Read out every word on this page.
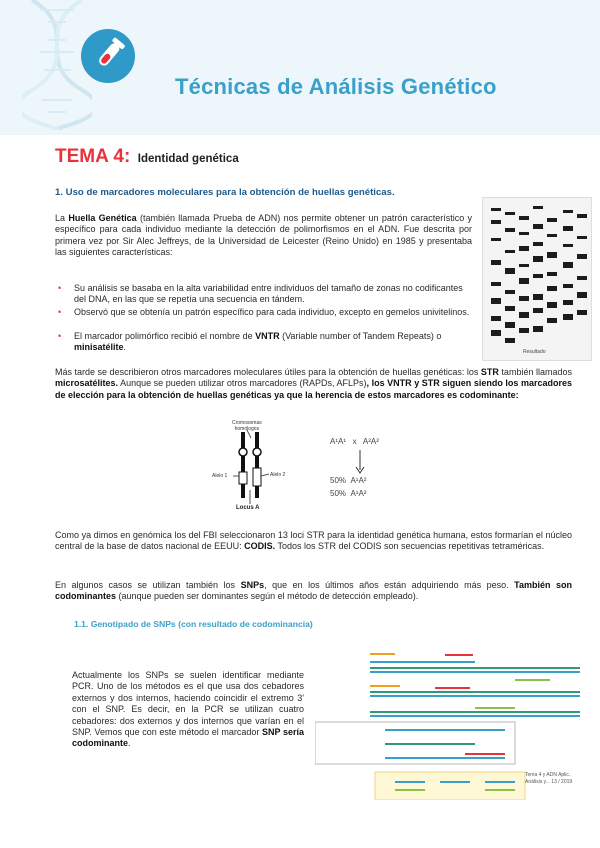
Técnicas de Análisis Genético
TEMA 4: Identidad genética
1. Uso de marcadores moleculares para la obtención de huellas genéticas.
La Huella Genética (también llamada Prueba de ADN) nos permite obtener un patrón característico y específico para cada individuo mediante la detección de polimorfismos en el ADN. Fue descrita por primera vez por Sir Alec Jeffreys, de la Universidad de Leicester (Reino Unido) en 1985 y presentaba las siguientes características:
• Su análisis se basaba en la alta variabilidad entre individuos del tamaño de zonas no codificantes del DNA, en las que se repetía una secuencia en tándem.
• Observó que se obtenía un patrón específico para cada individuo, excepto en gemelos univitelinos.
• El marcador polimórfico recibió el nombre de VNTR (Variable number of Tandem Repeats) o minisatélite.	Resultado
Más tarde se describieron otros marcadores moleculares útiles para la obtención de huellas genéticas: los STR también llamados microsatélites. Aunque se pueden utilizar otros marcadores (RAPDs, AFLPs), los VNTR y STR siguen siendo los marcadores de elección para la obtención de huellas genéticas ya que la herencia de estos marcadores es codominante:
Cromosomas
homólogos
Alelo 1	Alelo 2
Locus A
A¹A¹   x   A²A²
50% A¹A²
50% A¹A²
Como ya dimos en genómica los del FBI seleccionaron 13 loci STR para la identidad genética humana, estos formarían el núcleo central de la base de datos nacional de EEUU: CODIS. Todos los STR del CODIS son secuencias repetitivas tetraméricas.
En algunos casos se utilizan también los SNPs, que en los últimos años están adquiriendo más peso. También son codominantes (aunque pueden ser dominantes según el método de detección empleado).
1.1. Genotipado de SNPs (con resultado de codominancia)
Actualmente los SNPs se suelen identificar mediante PCR. Uno de los métodos es el que usa dos cebadores externos y dos internos, haciendo coincidir el extremo 3' con el SNP. Es decir, en la PCR se utilizan cuatro cebadores: dos externos y dos internos que varían en el SNP. Vemos que con este método el marcador SNP sería codominante.
Tema 4 y ADN Aplic.
Análisis y... 13 / 2019
